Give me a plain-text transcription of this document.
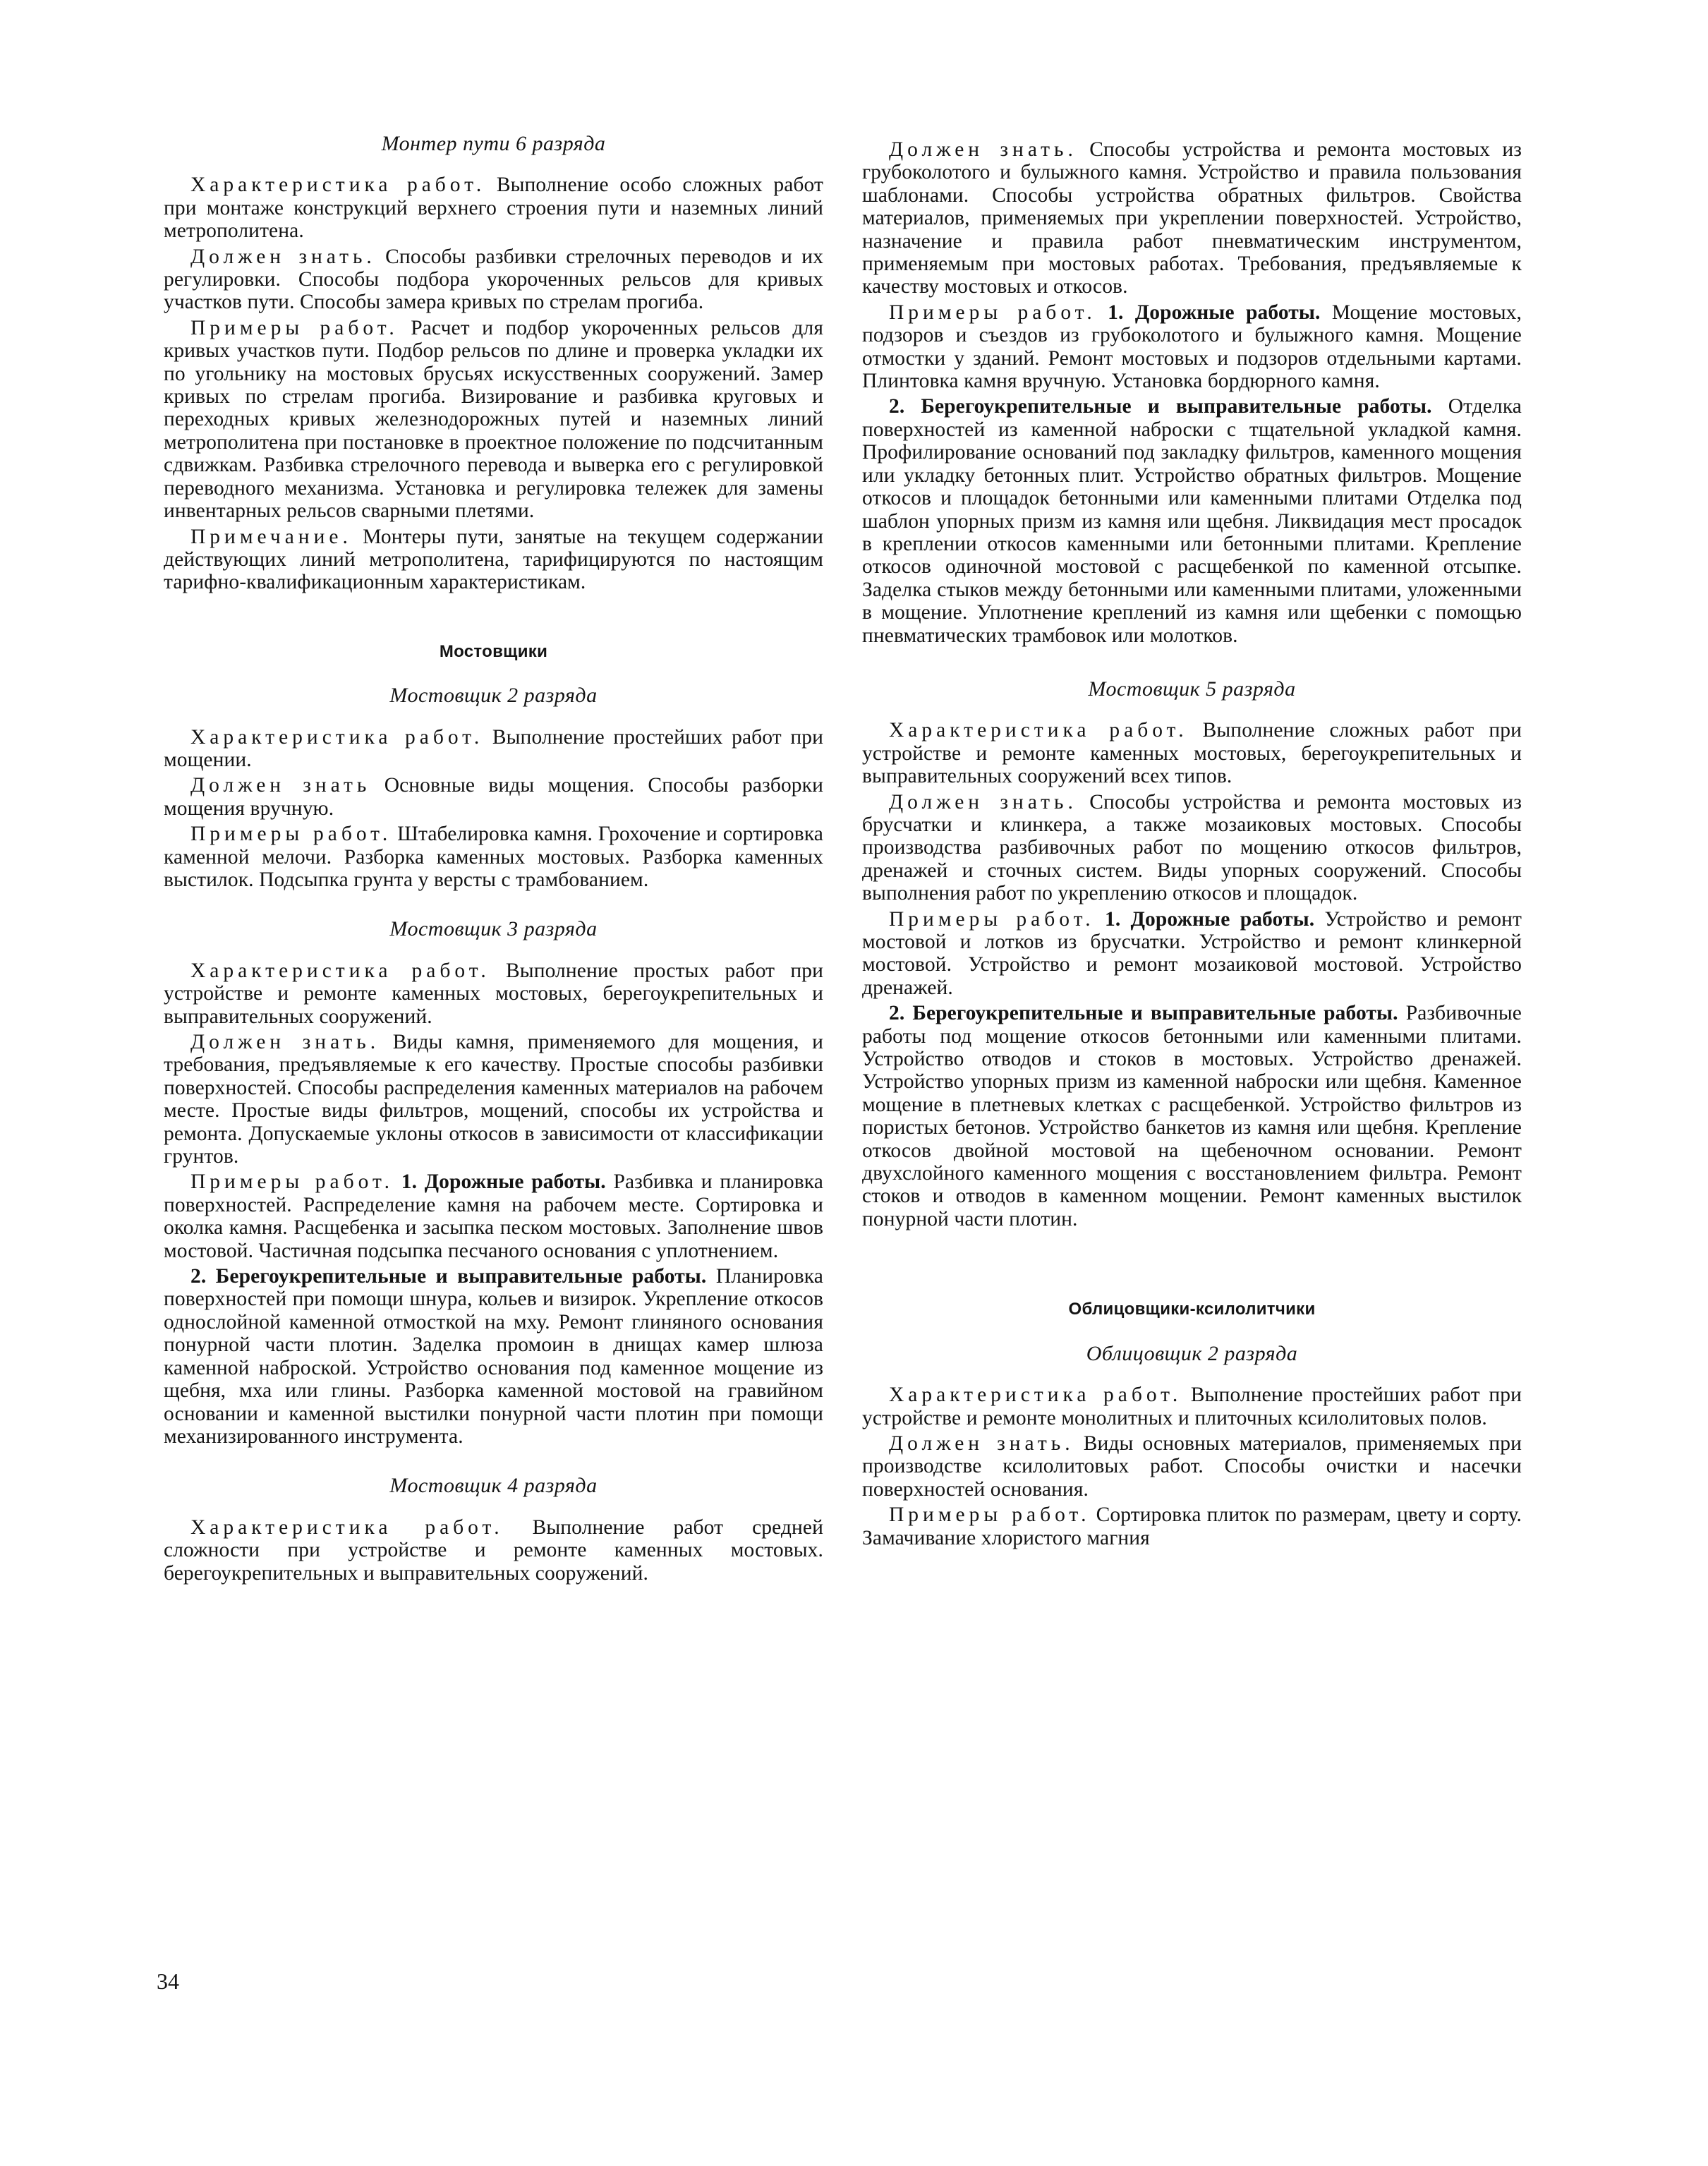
Монтер пути 6 разряда

Характеристика работ. Выполнение особо сложных работ при монтаже конструкций верхнего строения пути и наземных линий метрополитена.

Должен знать. Способы разбивки стрелочных переводов и их регулировки. Способы подбора укороченных рельсов для кривых участков пути. Способы замера кривых по стрелам прогиба.

Примеры работ. Расчет и подбор укороченных рельсов для кривых участков пути. Подбор рельсов по длине и проверка укладки их по угольнику на мостовых брусьях искусственных сооружений. Замер кривых по стрелам прогиба. Визирование и разбивка круговых и переходных кривых железнодорожных путей и наземных линий метрополитена при постановке в проектное положение по подсчитанным сдвижкам. Разбивка стрелочного перевода и выверка его с регулировкой переводного механизма. Установка и регулировка тележек для замены инвентарных рельсов сварными плетями.

Примечание. Монтеры пути, занятые на текущем содержании действующих линий метрополитена, тарифицируются по настоящим тарифно-квалификационным характеристикам.

Мостовщики
Мостовщик 2 разряда

Характеристика работ. Выполнение простейших работ при мощении.

Должен знать Основные виды мощения. Способы разборки мощения вручную.

Примеры работ. Штабелировка камня. Грохочение и сортировка каменной мелочи. Разборка каменных мостовых. Разборка каменных выстилок. Подсыпка грунта у версты с трамбованием.

Мостовщик 3 разряда

Характеристика работ. Выполнение простых работ при устройстве и ремонте каменных мостовых, берегоукрепительных и выправительных сооружений.

Должен знать. Виды камня, применяемого для мощения, и требования, предъявляемые к его качеству. Простые способы разбивки поверхностей. Способы распределения каменных материалов на рабочем месте. Простые виды фильтров, мощений, способы их устройства и ремонта. Допускаемые уклоны откосов в зависимости от классификации грунтов.

Примеры работ. 1. Дорожные работы. Разбивка и планировка поверхностей. Распределение камня на рабочем месте. Сортировка и околка камня. Расщебенка и засыпка песком мостовых. Заполнение швов мостовой. Частичная подсыпка песчаного основания с уплотнением.

2. Берегоукрепительные и выправительные работы. Планировка поверхностей при помощи шнура, кольев и визирок. Укрепление откосов однослойной каменной отмосткой на мху. Ремонт глиняного основания понурной части плотин. Заделка промоин в днищах камер шлюза каменной наброской. Устройство основания под каменное мощение из щебня, мха или глины. Разборка каменной мостовой на гравийном основании и каменной выстилки понурной части плотин при помощи механизированного инструмента.

Мостовщик 4 разряда

Характеристика работ. Выполнение работ средней сложности при устройстве и ремонте каменных мостовых. берегоукрепительных и выправительных сооружений.

Должен знать. Способы устройства и ремонта мостовых из грубоколотого и булыжного камня. Устройство и правила пользования шаблонами. Способы устройства обратных фильтров. Свойства материалов, применяемых при укреплении поверхностей. Устройство, назначение и правила работ пневматическим инструментом, применяемым при мостовых работах. Требования, предъявляемые к качеству мостовых и откосов.

Примеры работ. 1. Дорожные работы. Мощение мостовых, подзоров и съездов из грубоколотого и булыжного камня. Мощение отмостки у зданий. Ремонт мостовых и подзоров отдельными картами. Плинтовка камня вручную. Установка бордюрного камня.

2. Берегоукрепительные и выправительные работы. Отделка поверхностей из каменной наброски с тщательной укладкой камня. Профилирование оснований под закладку фильтров, каменного мощения или укладку бетонных плит. Устройство обратных фильтров. Мощение откосов и площадок бетонными или каменными плитами Отделка под шаблон упорных призм из камня или щебня. Ликвидация мест просадок в креплении откосов каменными или бетонными плитами. Крепление откосов одиночной мостовой с расщебенкой по каменной отсыпке. Заделка стыков между бетонными или каменными плитами, уложенными в мощение. Уплотнение креплений из камня или щебенки с помощью пневматических трамбовок или молотков.

Мостовщик 5 разряда

Характеристика работ. Выполнение сложных работ при устройстве и ремонте каменных мостовых, берегоукрепительных и выправительных сооружений всех типов.

Должен знать. Способы устройства и ремонта мостовых из брусчатки и клинкера, а также мозаиковых мостовых. Способы производства разбивочных работ по мощению откосов фильтров, дренажей и сточных систем. Виды упорных сооружений. Способы выполнения работ по укреплению откосов и площадок.

Примеры работ. 1. Дорожные работы. Устройство и ремонт мостовой и лотков из брусчатки. Устройство и ремонт клинкерной мостовой. Устройство и ремонт мозаиковой мостовой. Устройство дренажей.

2. Берегоукрепительные и выправительные работы. Разбивочные работы под мощение откосов бетонными или каменными плитами. Устройство отводов и стоков в мостовых. Устройство дренажей. Устройство упорных призм из каменной наброски или щебня. Каменное мощение в плетневых клетках с расщебенкой. Устройство фильтров из пористых бетонов. Устройство банкетов из камня или щебня. Крепление откосов двойной мостовой на щебеночном основании. Ремонт двухслойного каменного мощения с восстановлением фильтра. Ремонт стоков и отводов в каменном мощении. Ремонт каменных выстилок понурной части плотин.

Облицовщики-ксилолитчики
Облицовщик 2 разряда

Характеристика работ. Выполнение простейших работ при устройстве и ремонте монолитных и плиточных ксилолитовых полов.

Должен знать. Виды основных материалов, применяемых при производстве ксилолитовых работ. Способы очистки и насечки поверхностей основания.

Примеры работ. Сортировка плиток по размерам, цвету и сорту. Замачивание хлористого магния

34
